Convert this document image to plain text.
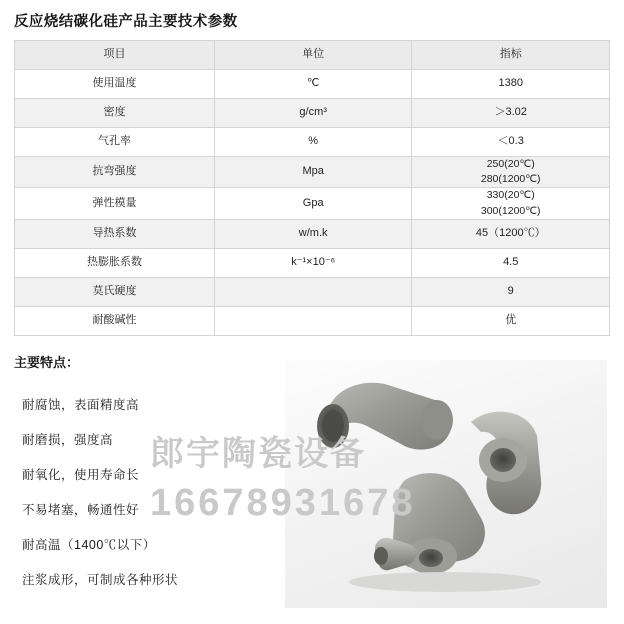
反应烧结碳化硅产品主要技术参数
项目	单位	指标
使用温度	℃	1380
密度	g/cm³	＞3.02
气孔率	%	＜0.3
抗弯强度	Mpa	250(20℃)
280(1200℃)
弹性模量	Gpa	330(20℃)
300(1200℃)
导热系数	w/m.k	45（1200℃）
热膨胀系数	k⁻¹×10⁻⁶	4.5
莫氏硬度		9
耐酸碱性		优
主要特点：
耐腐蚀，表面精度高
耐磨损，强度高
耐氧化，使用寿命长
不易堵塞，畅通性好
耐高温（1400℃以下）
注浆成形，可制成各种形状
郎宇陶瓷设备
16678931678
